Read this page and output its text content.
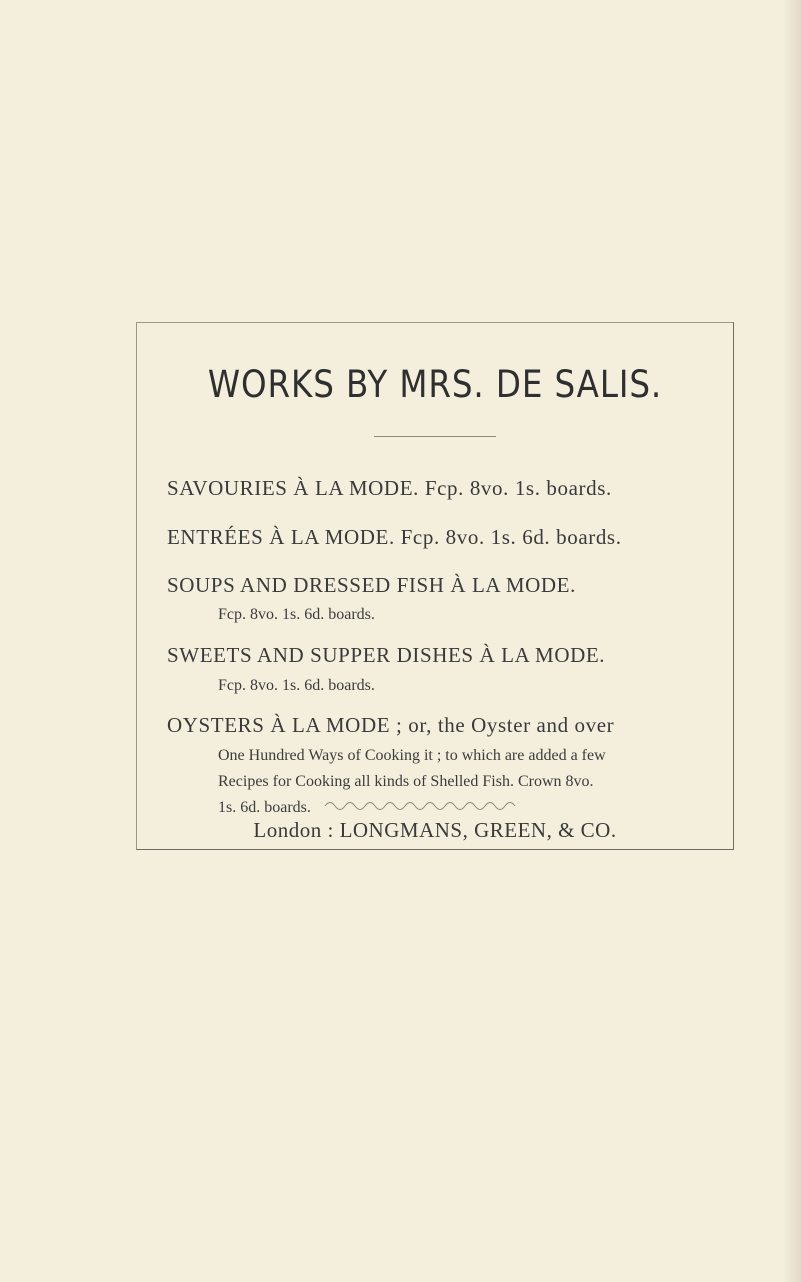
WORKS BY MRS. DE SALIS.
SAVOURIES À LA MODE. Fcp. 8vo. 1s. boards.
ENTRÉES À LA MODE. Fcp. 8vo. 1s. 6d. boards.
SOUPS AND DRESSED FISH À LA MODE.
Fcp. 8vo. 1s. 6d. boards.
SWEETS AND SUPPER DISHES À LA MODE.
Fcp. 8vo. 1s. 6d. boards.
OYSTERS À LA MODE ; or, the Oyster and over
One Hundred Ways of Cooking it ; to which are added a few
Recipes for Cooking all kinds of Shelled Fish. Crown 8vo.
1s. 6d. boards.
London : LONGMANS, GREEN, & CO.
